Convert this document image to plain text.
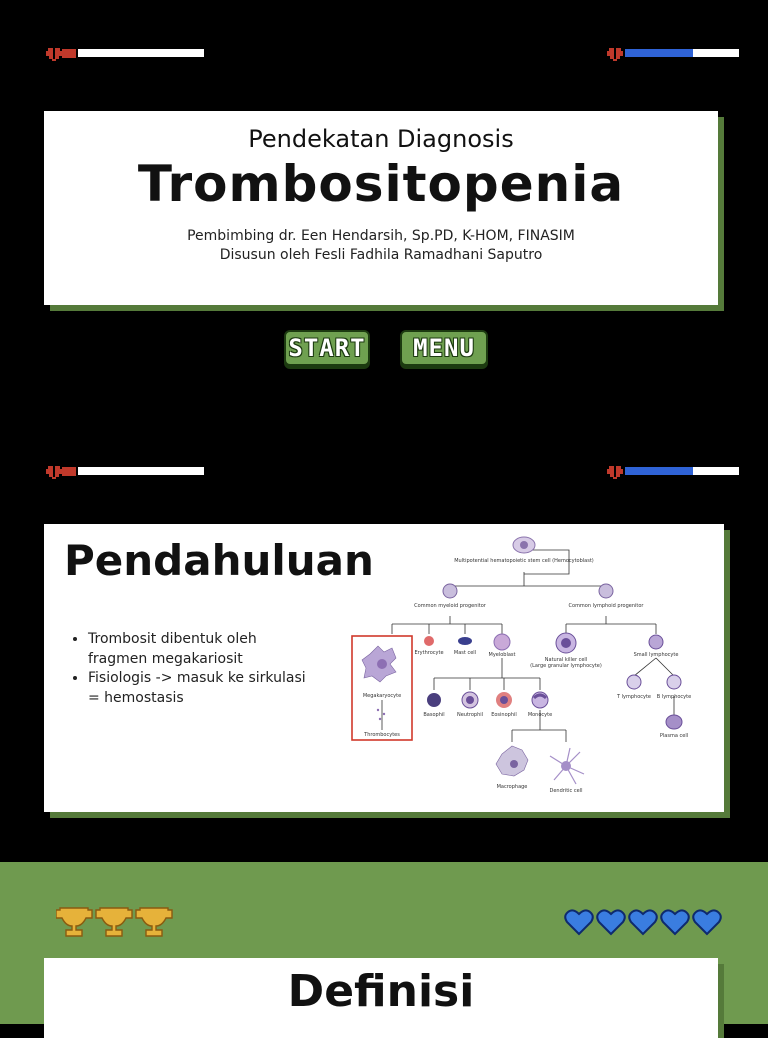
Pendekatan Diagnosis
Trombositopenia
Pembimbing dr. Een Hendarsih, Sp.PD, K-HOM, FINASIM
Disusun oleh Fesli Fadhila Ramadhani Saputro
START	MENU
Pendahuluan
• Trombosit dibentuk oleh fragmen megakariosit
• Fisiologis -> masuk ke sirkulasi = hemostasis
Multipotential hematopoietic stem cell (Hemocytoblast)
Common myeloid progenitor	Common lymphoid progenitor
Megakaryocyte
Thrombocytes
Erythrocyte Mast cell Myeloblast
Natural killer cell
(Large granular lymphocyte)
Small lymphocyte
T lymphocyte B lymphocyte
Plasma cell
Basophil Neutrophil Eosinophil Monocyte
Macrophage
Dendritic cell
Definisi
